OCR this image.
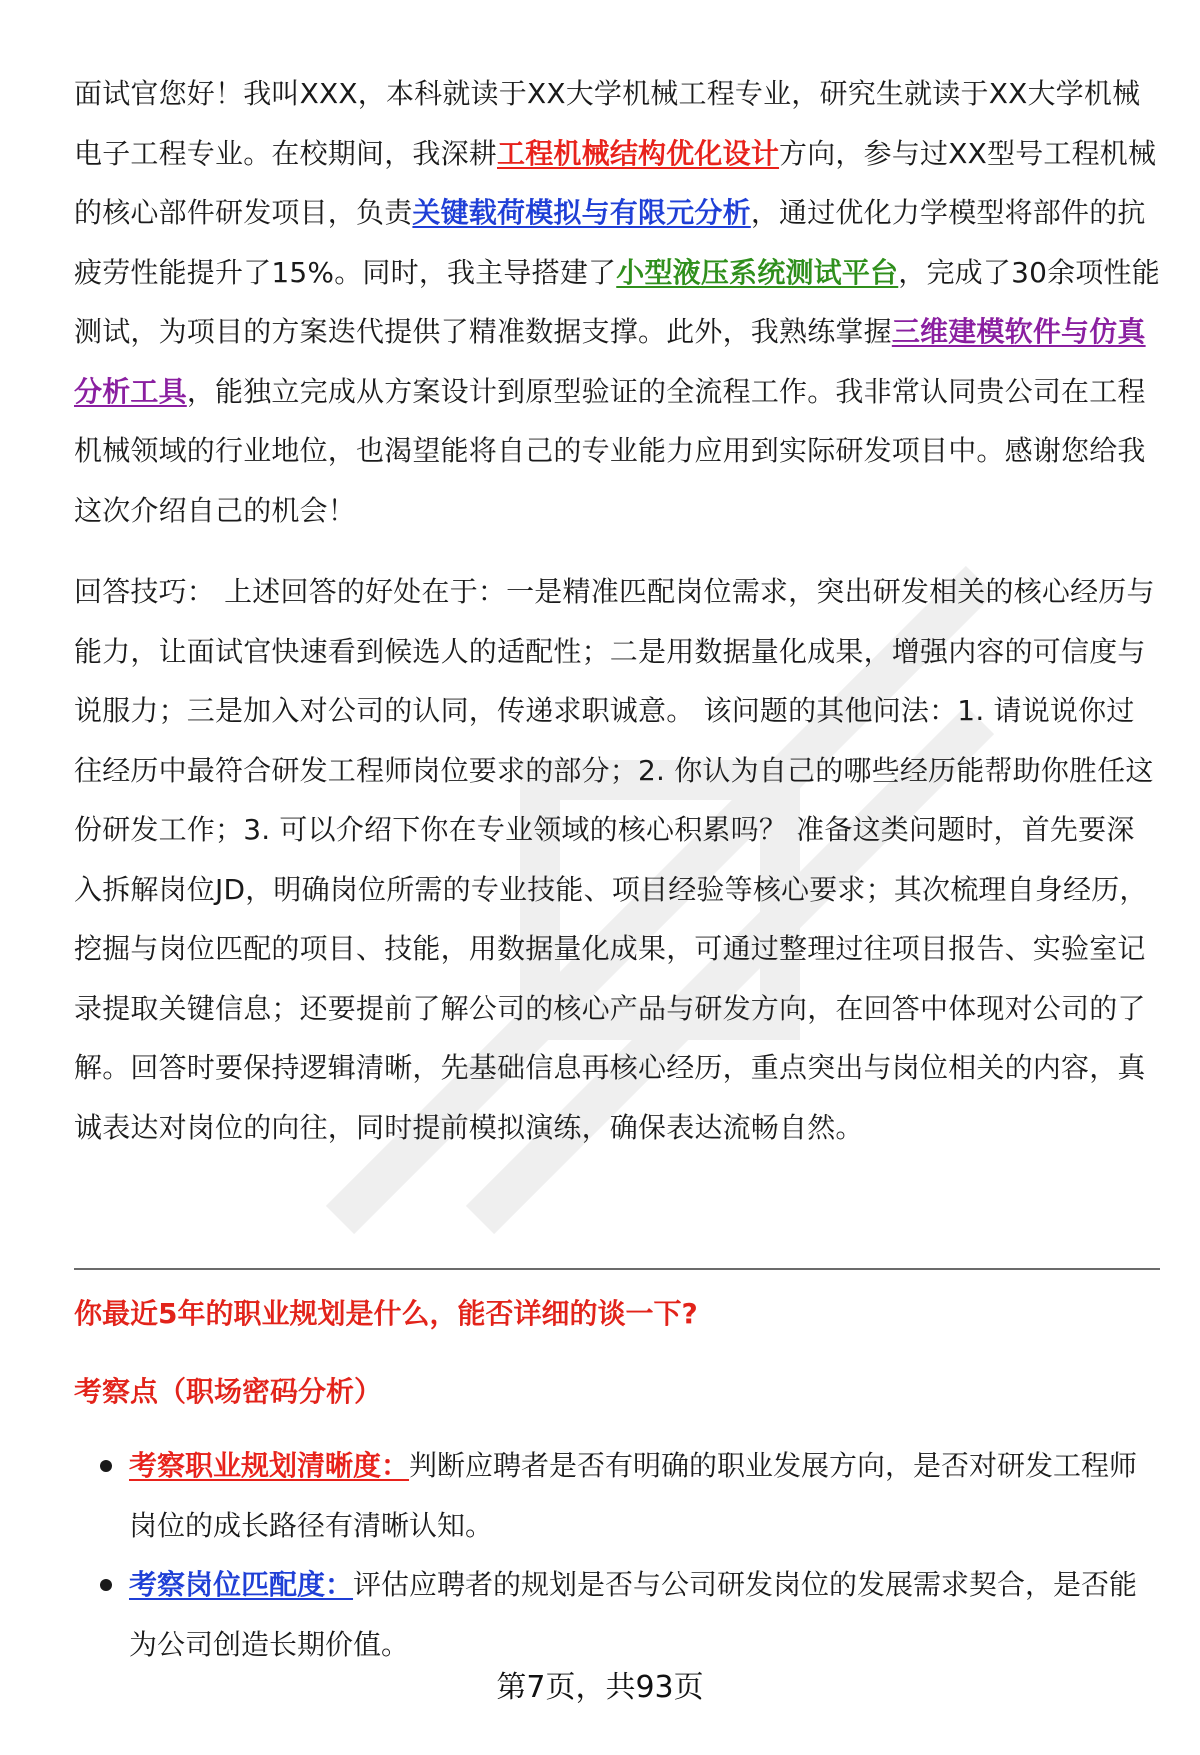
面试官您好！我叫XXX，本科就读于XX大学机械工程专业，研究生就读于XX大学机械电子工程专业。在校期间，我深耕工程机械结构优化设计方向，参与过XX型号工程机械的核心部件研发项目，负责关键载荷模拟与有限元分析，通过优化力学模型将部件的抗疲劳性能提升了15%。同时，我主导搭建了小型液压系统测试平台，完成了30余项性能测试，为项目的方案迭代提供了精准数据支撑。此外，我熟练掌握三维建模软件与仿真分析工具，能独立完成从方案设计到原型验证的全流程工作。我非常认同贵公司在工程机械领域的行业地位，也渴望能将自己的专业能力应用到实际研发项目中。感谢您给我这次介绍自己的机会！

回答技巧： 上述回答的好处在于：一是精准匹配岗位需求，突出研发相关的核心经历与能力，让面试官快速看到候选人的适配性；二是用数据量化成果，增强内容的可信度与说服力；三是加入对公司的认同，传递求职诚意。 该问题的其他问法：1. 请说说你过往经历中最符合研发工程师岗位要求的部分；2. 你认为自己的哪些经历能帮助你胜任这份研发工作；3. 可以介绍下你在专业领域的核心积累吗？ 准备这类问题时，首先要深入拆解岗位JD，明确岗位所需的专业技能、项目经验等核心要求；其次梳理自身经历，挖掘与岗位匹配的项目、技能，用数据量化成果，可通过整理过往项目报告、实验室记录提取关键信息；还要提前了解公司的核心产品与研发方向，在回答中体现对公司的了解。回答时要保持逻辑清晰，先基础信息再核心经历，重点突出与岗位相关的内容，真诚表达对岗位的向往，同时提前模拟演练，确保表达流畅自然。

你最近5年的职业规划是什么，能否详细的谈一下?

考察点（职场密码分析）

考察职业规划清晰度：判断应聘者是否有明确的职业发展方向，是否对研发工程师岗位的成长路径有清晰认知。
考察岗位匹配度：评估应聘者的规划是否与公司研发岗位的发展需求契合，是否能为公司创造长期价值。
第7页，共93页
